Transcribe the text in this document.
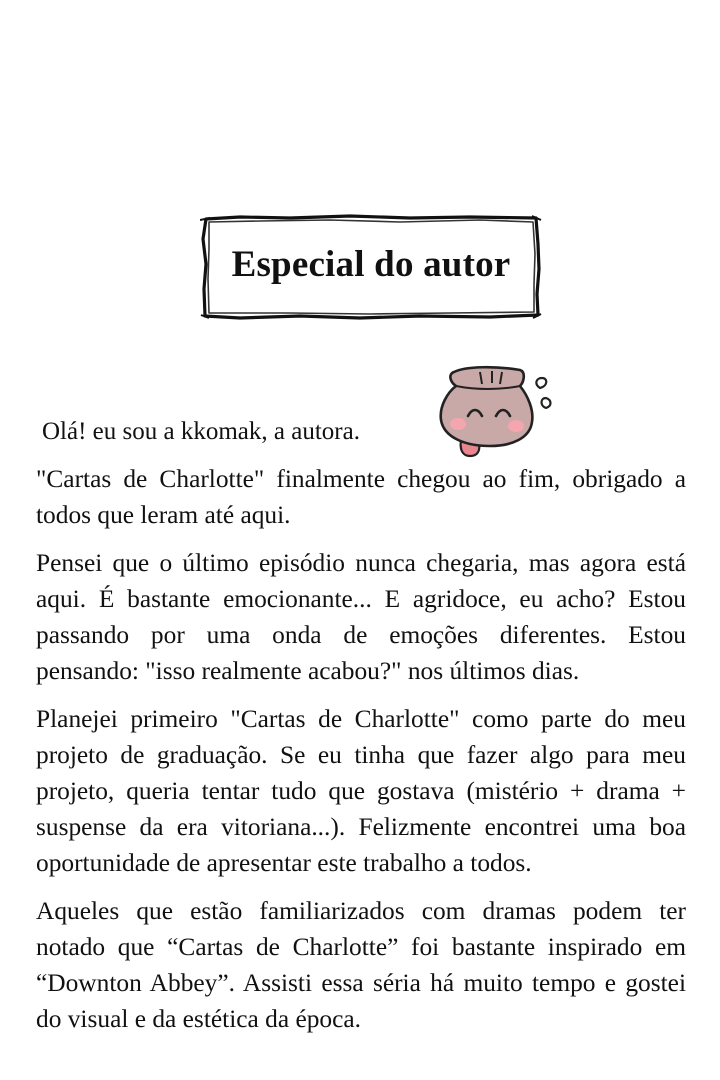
Especial do autor
Olá! eu sou a kkomak, a autora.

"Cartas de Charlotte" finalmente chegou ao fim, obrigado a todos que leram até aqui.

Pensei que o último episódio nunca chegaria, mas agora está aqui. É bastante emocionante... E agridoce, eu acho? Estou passando por uma onda de emoções diferentes. Estou pensando: "isso realmente acabou?" nos últimos dias.

Planejei primeiro "Cartas de Charlotte" como parte do meu projeto de graduação. Se eu tinha que fazer algo para meu projeto, queria tentar tudo que gostava (mistério + drama + suspense da era vitoriana...). Felizmente encontrei uma boa oportunidade de apresentar este trabalho a todos.

Aqueles que estão familiarizados com dramas podem ter notado que “Cartas de Charlotte” foi bastante inspirado em “Downton Abbey”. Assisti essa séria há muito tempo e gostei do visual e da estética da época.
